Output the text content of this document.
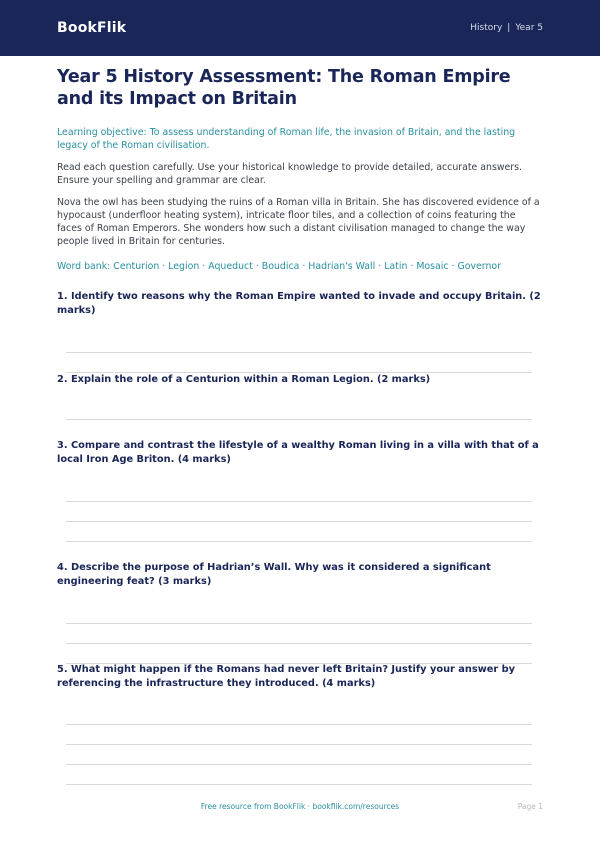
BookFlik	History | Year 5
Year 5 History Assessment: The Roman Empire and its Impact on Britain

Learning objective: To assess understanding of Roman life, the invasion of Britain, and the lasting legacy of the Roman civilisation.

Read each question carefully. Use your historical knowledge to provide detailed, accurate answers. Ensure your spelling and grammar are clear.

Nova the owl has been studying the ruins of a Roman villa in Britain. She has discovered evidence of a hypocaust (underfloor heating system), intricate floor tiles, and a collection of coins featuring the faces of Roman Emperors. She wonders how such a distant civilisation managed to change the way people lived in Britain for centuries.

Word bank: Centurion · Legion · Aqueduct · Boudica · Hadrian's Wall · Latin · Mosaic · Governor

1. Identify two reasons why the Roman Empire wanted to invade and occupy Britain. (2 marks)
2. Explain the role of a Centurion within a Roman Legion. (2 marks)
3. Compare and contrast the lifestyle of a wealthy Roman living in a villa with that of a local Iron Age Briton. (4 marks)
4. Describe the purpose of Hadrian’s Wall. Why was it considered a significant engineering feat? (3 marks)
5. What might happen if the Romans had never left Britain? Justify your answer by referencing the infrastructure they introduced. (4 marks)
Free resource from BookFlik · bookflik.com/resources	Page 1
